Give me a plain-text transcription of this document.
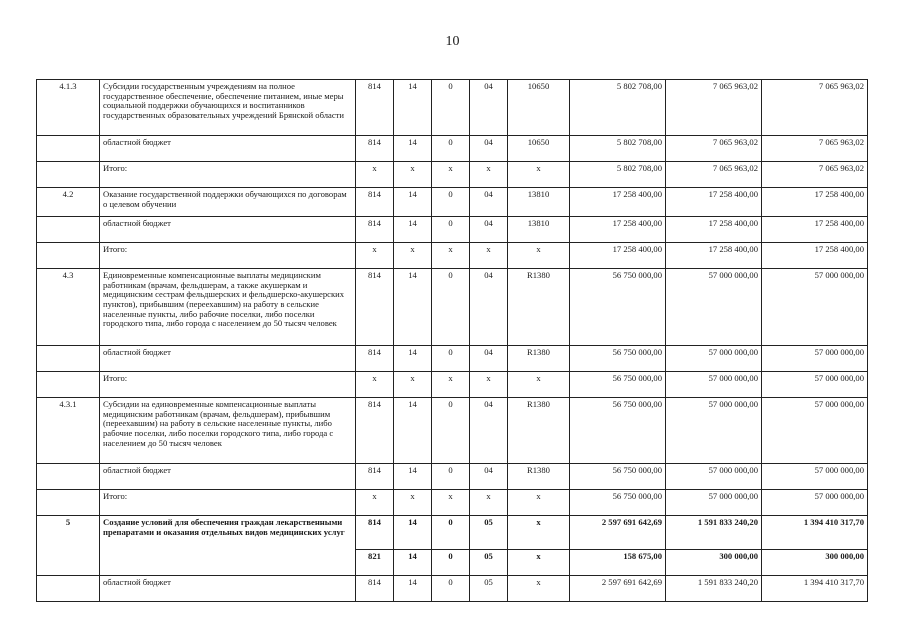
10
4.1.3	Субсидии государственным учреждениям на полное государственное обеспечение, обеспечение питанием, иные меры социальной поддержки обучающихся и воспитанников государственных образовательных учреждений Брянской области	814	14	0	04	10650	5 802 708,00	7 065 963,02	7 065 963,02
	областной бюджет	814	14	0	04	10650	5 802 708,00	7 065 963,02	7 065 963,02
	Итого:	х	х	х	х	х	5 802 708,00	7 065 963,02	7 065 963,02
4.2	Оказание государственной поддержки обучающихся по договорам о целевом обучении	814	14	0	04	13810	17 258 400,00	17 258 400,00	17 258 400,00
	областной бюджет	814	14	0	04	13810	17 258 400,00	17 258 400,00	17 258 400,00
	Итого:	х	х	х	х	х	17 258 400,00	17 258 400,00	17 258 400,00
4.3	Единовременные компенсационные выплаты медицинским работникам (врачам, фельдшерам, а также акушеркам и медицинским сестрам фельдшерских и фельдшерско-акушерских пунктов), прибывшим (переехавшим) на работу в сельские населенные пункты, либо рабочие поселки, либо поселки городского типа, либо города с населением до 50 тысяч человек	814	14	0	04	R1380	56 750 000,00	57 000 000,00	57 000 000,00
	областной бюджет	814	14	0	04	R1380	56 750 000,00	57 000 000,00	57 000 000,00
	Итого:	х	х	х	х	х	56 750 000,00	57 000 000,00	57 000 000,00
4.3.1	Субсидии на единовременные компенсационные выплаты медицинским работникам (врачам, фельдшерам), прибывшим (переехавшим) на работу в сельские населенные пункты, либо рабочие поселки, либо поселки городского типа, либо города с населением до 50 тысяч человек	814	14	0	04	R1380	56 750 000,00	57 000 000,00	57 000 000,00
	областной бюджет	814	14	0	04	R1380	56 750 000,00	57 000 000,00	57 000 000,00
	Итого:	х	х	х	х	х	56 750 000,00	57 000 000,00	57 000 000,00
5	Создание условий для обеспечения граждан лекарственными препаратами и оказания отдельных видов медицинских услуг	814	14	0	05	х	2 597 691 642,69	1 591 833 240,20	1 394 410 317,70
		821	14	0	05	х	158 675,00	300 000,00	300 000,00
	областной бюджет	814	14	0	05	х	2 597 691 642,69	1 591 833 240,20	1 394 410 317,70
